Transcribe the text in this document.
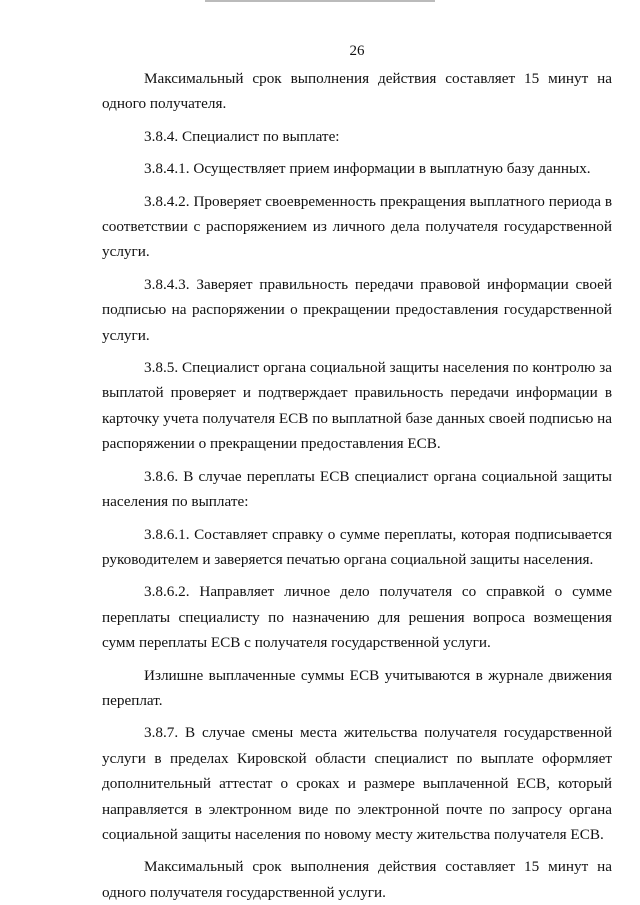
26

Максимальный срок выполнения действия составляет 15 минут на одного получателя.

3.8.4. Специалист по выплате:

3.8.4.1. Осуществляет прием информации в выплатную базу данных.

3.8.4.2. Проверяет своевременность прекращения выплатного периода в соответствии с распоряжением из личного дела получателя государственной услуги.

3.8.4.3. Заверяет правильность передачи правовой информации своей подписью на распоряжении о прекращении предоставления государственной услуги.

3.8.5. Специалист органа социальной защиты населения по контролю за выплатой проверяет и подтверждает правильность передачи информации в карточку учета получателя ЕСВ по выплатной базе данных своей подписью на распоряжении о прекращении предоставления ЕСВ.

3.8.6. В случае переплаты ЕСВ специалист органа социальной защиты населения по выплате:

3.8.6.1. Составляет справку о сумме переплаты, которая подписывается руководителем и заверяется печатью органа социальной защиты населения.

3.8.6.2. Направляет личное дело получателя со справкой о сумме переплаты специалисту по назначению для решения вопроса возмещения сумм переплаты ЕСВ с получателя государственной услуги.

Излишне выплаченные суммы ЕСВ учитываются в журнале движения переплат.

3.8.7. В случае смены места жительства получателя государственной услуги в пределах Кировской области специалист по выплате оформляет дополнительный аттестат о сроках и размере выплаченной ЕСВ, который направляется в электронном виде по электронной почте по запросу органа социальной защиты населения по новому месту жительства получателя ЕСВ.

Максимальный срок выполнения действия составляет 15 минут на одного получателя государственной услуги.
